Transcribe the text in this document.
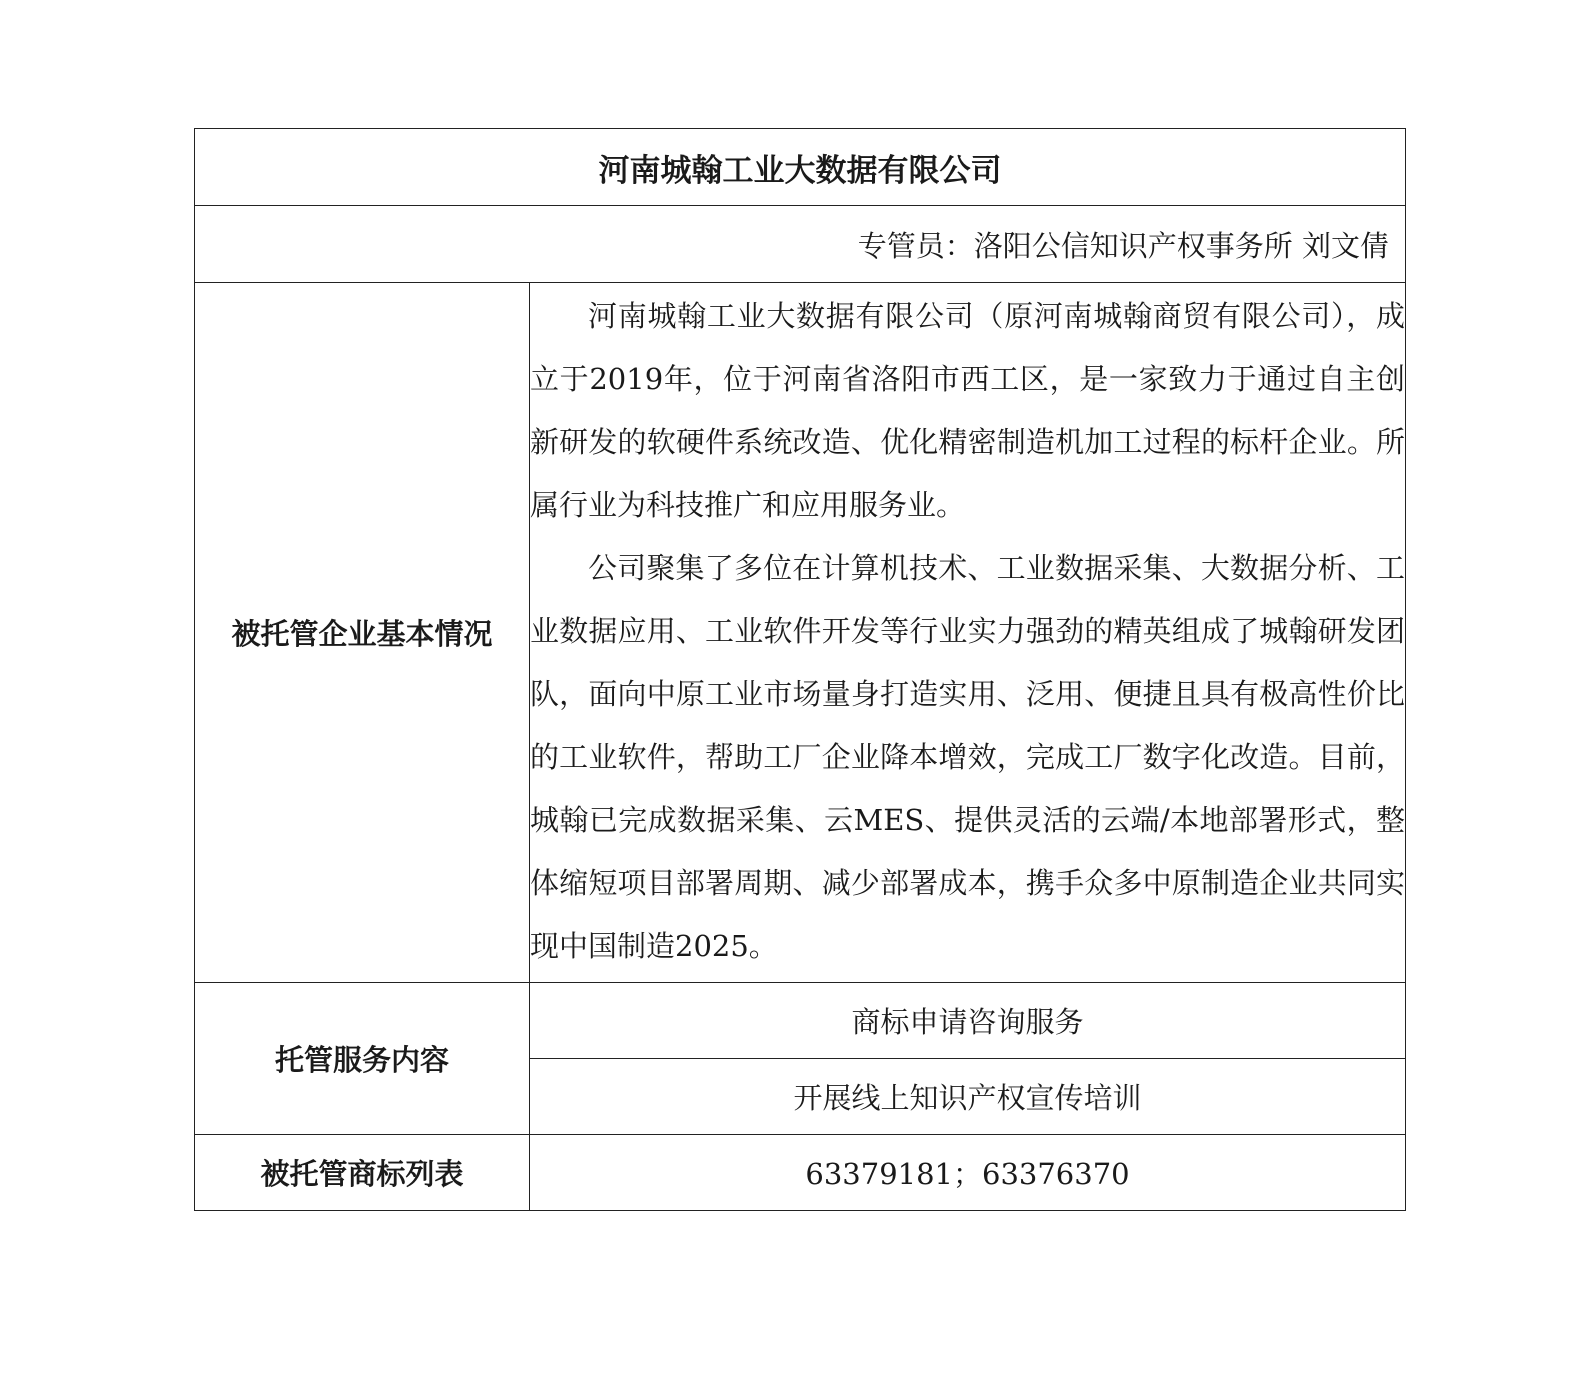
河南城翰工业大数据有限公司	
专管员：洛阳公信知识产权事务所 刘文倩	
被托管企业基本情况	河南城翰工业大数据有限公司（原河南城翰商贸有限公司），成立于2019年，位于河南省洛阳市西工区，是一家致力于通过自主创新研发的软硬件系统改造、优化精密制造机加工过程的标杆企业。所属行业为科技推广和应用服务业。

公司聚集了多位在计算机技术、工业数据采集、大数据分析、工业数据应用、工业软件开发等行业实力强劲的精英组成了城翰研发团队，面向中原工业市场量身打造实用、泛用、便捷且具有极高性价比的工业软件，帮助工厂企业降本增效，完成工厂数字化改造。目前，城翰已完成数据采集、云MES、提供灵活的云端/本地部署形式，整体缩短项目部署周期、减少部署成本，携手众多中原制造企业共同实现中国制造2025。

托管服务内容	商标申请咨询服务
	开展线上知识产权宣传培训
被托管商标列表	63379181；63376370
